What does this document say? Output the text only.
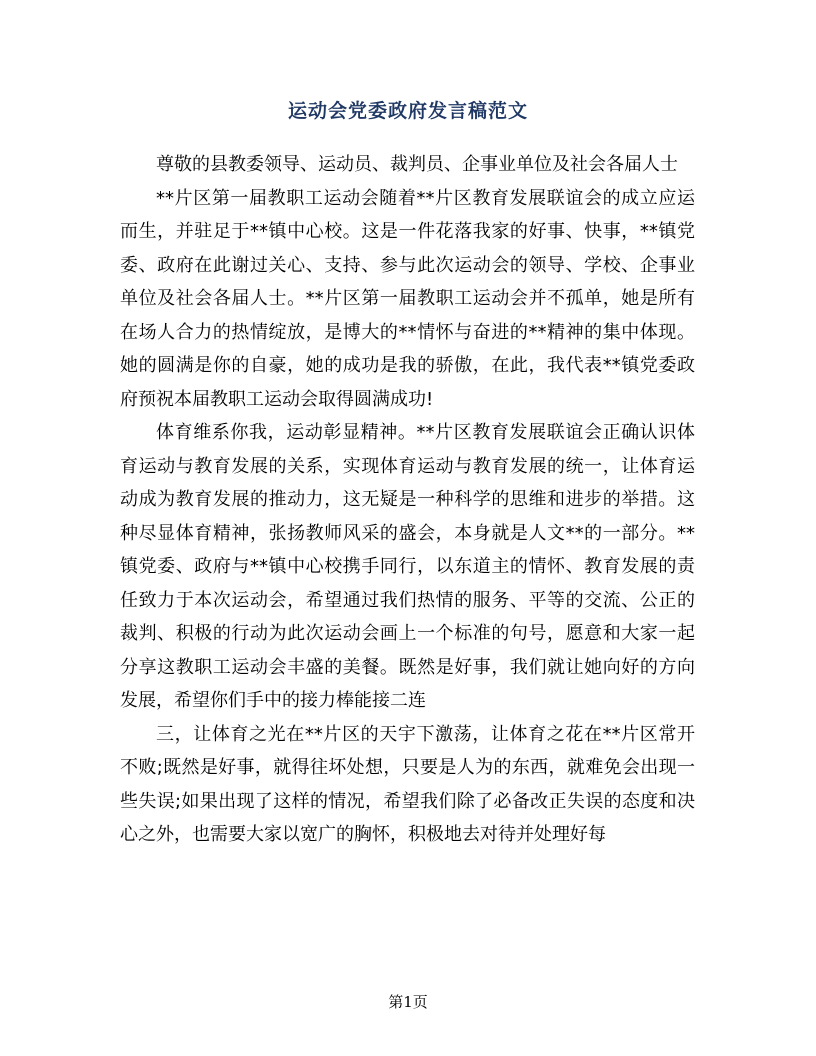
运动会党委政府发言稿范文

尊敬的县教委领导、运动员、裁判员、企事业单位及社会各届人士

**片区第一届教职工运动会随着**片区教育发展联谊会的成立应运而生，并驻足于**镇中心校。这是一件花落我家的好事、快事，**镇党委、政府在此谢过关心、支持、参与此次运动会的领导、学校、企事业单位及社会各届人士。**片区第一届教职工运动会并不孤单，她是所有在场人合力的热情绽放，是博大的**情怀与奋进的**精神的集中体现。她的圆满是你的自豪，她的成功是我的骄傲，在此，我代表**镇党委政府预祝本届教职工运动会取得圆满成功!

体育维系你我，运动彰显精神。**片区教育发展联谊会正确认识体育运动与教育发展的关系，实现体育运动与教育发展的统一，让体育运动成为教育发展的推动力，这无疑是一种科学的思维和进步的举措。这种尽显体育精神，张扬教师风采的盛会，本身就是人文**的一部分。**镇党委、政府与**镇中心校携手同行，以东道主的情怀、教育发展的责任致力于本次运动会，希望通过我们热情的服务、平等的交流、公正的裁判、积极的行动为此次运动会画上一个标准的句号，愿意和大家一起分享这教职工运动会丰盛的美餐。既然是好事，我们就让她向好的方向发展，希望你们手中的接力棒能接二连

三，让体育之光在**片区的天宇下激荡，让体育之花在**片区常开不败;既然是好事，就得往坏处想，只要是人为的东西，就难免会出现一些失误;如果出现了这样的情况，希望我们除了必备改正失误的态度和决心之外，也需要大家以宽广的胸怀，积极地去对待并处理好每

第1页
